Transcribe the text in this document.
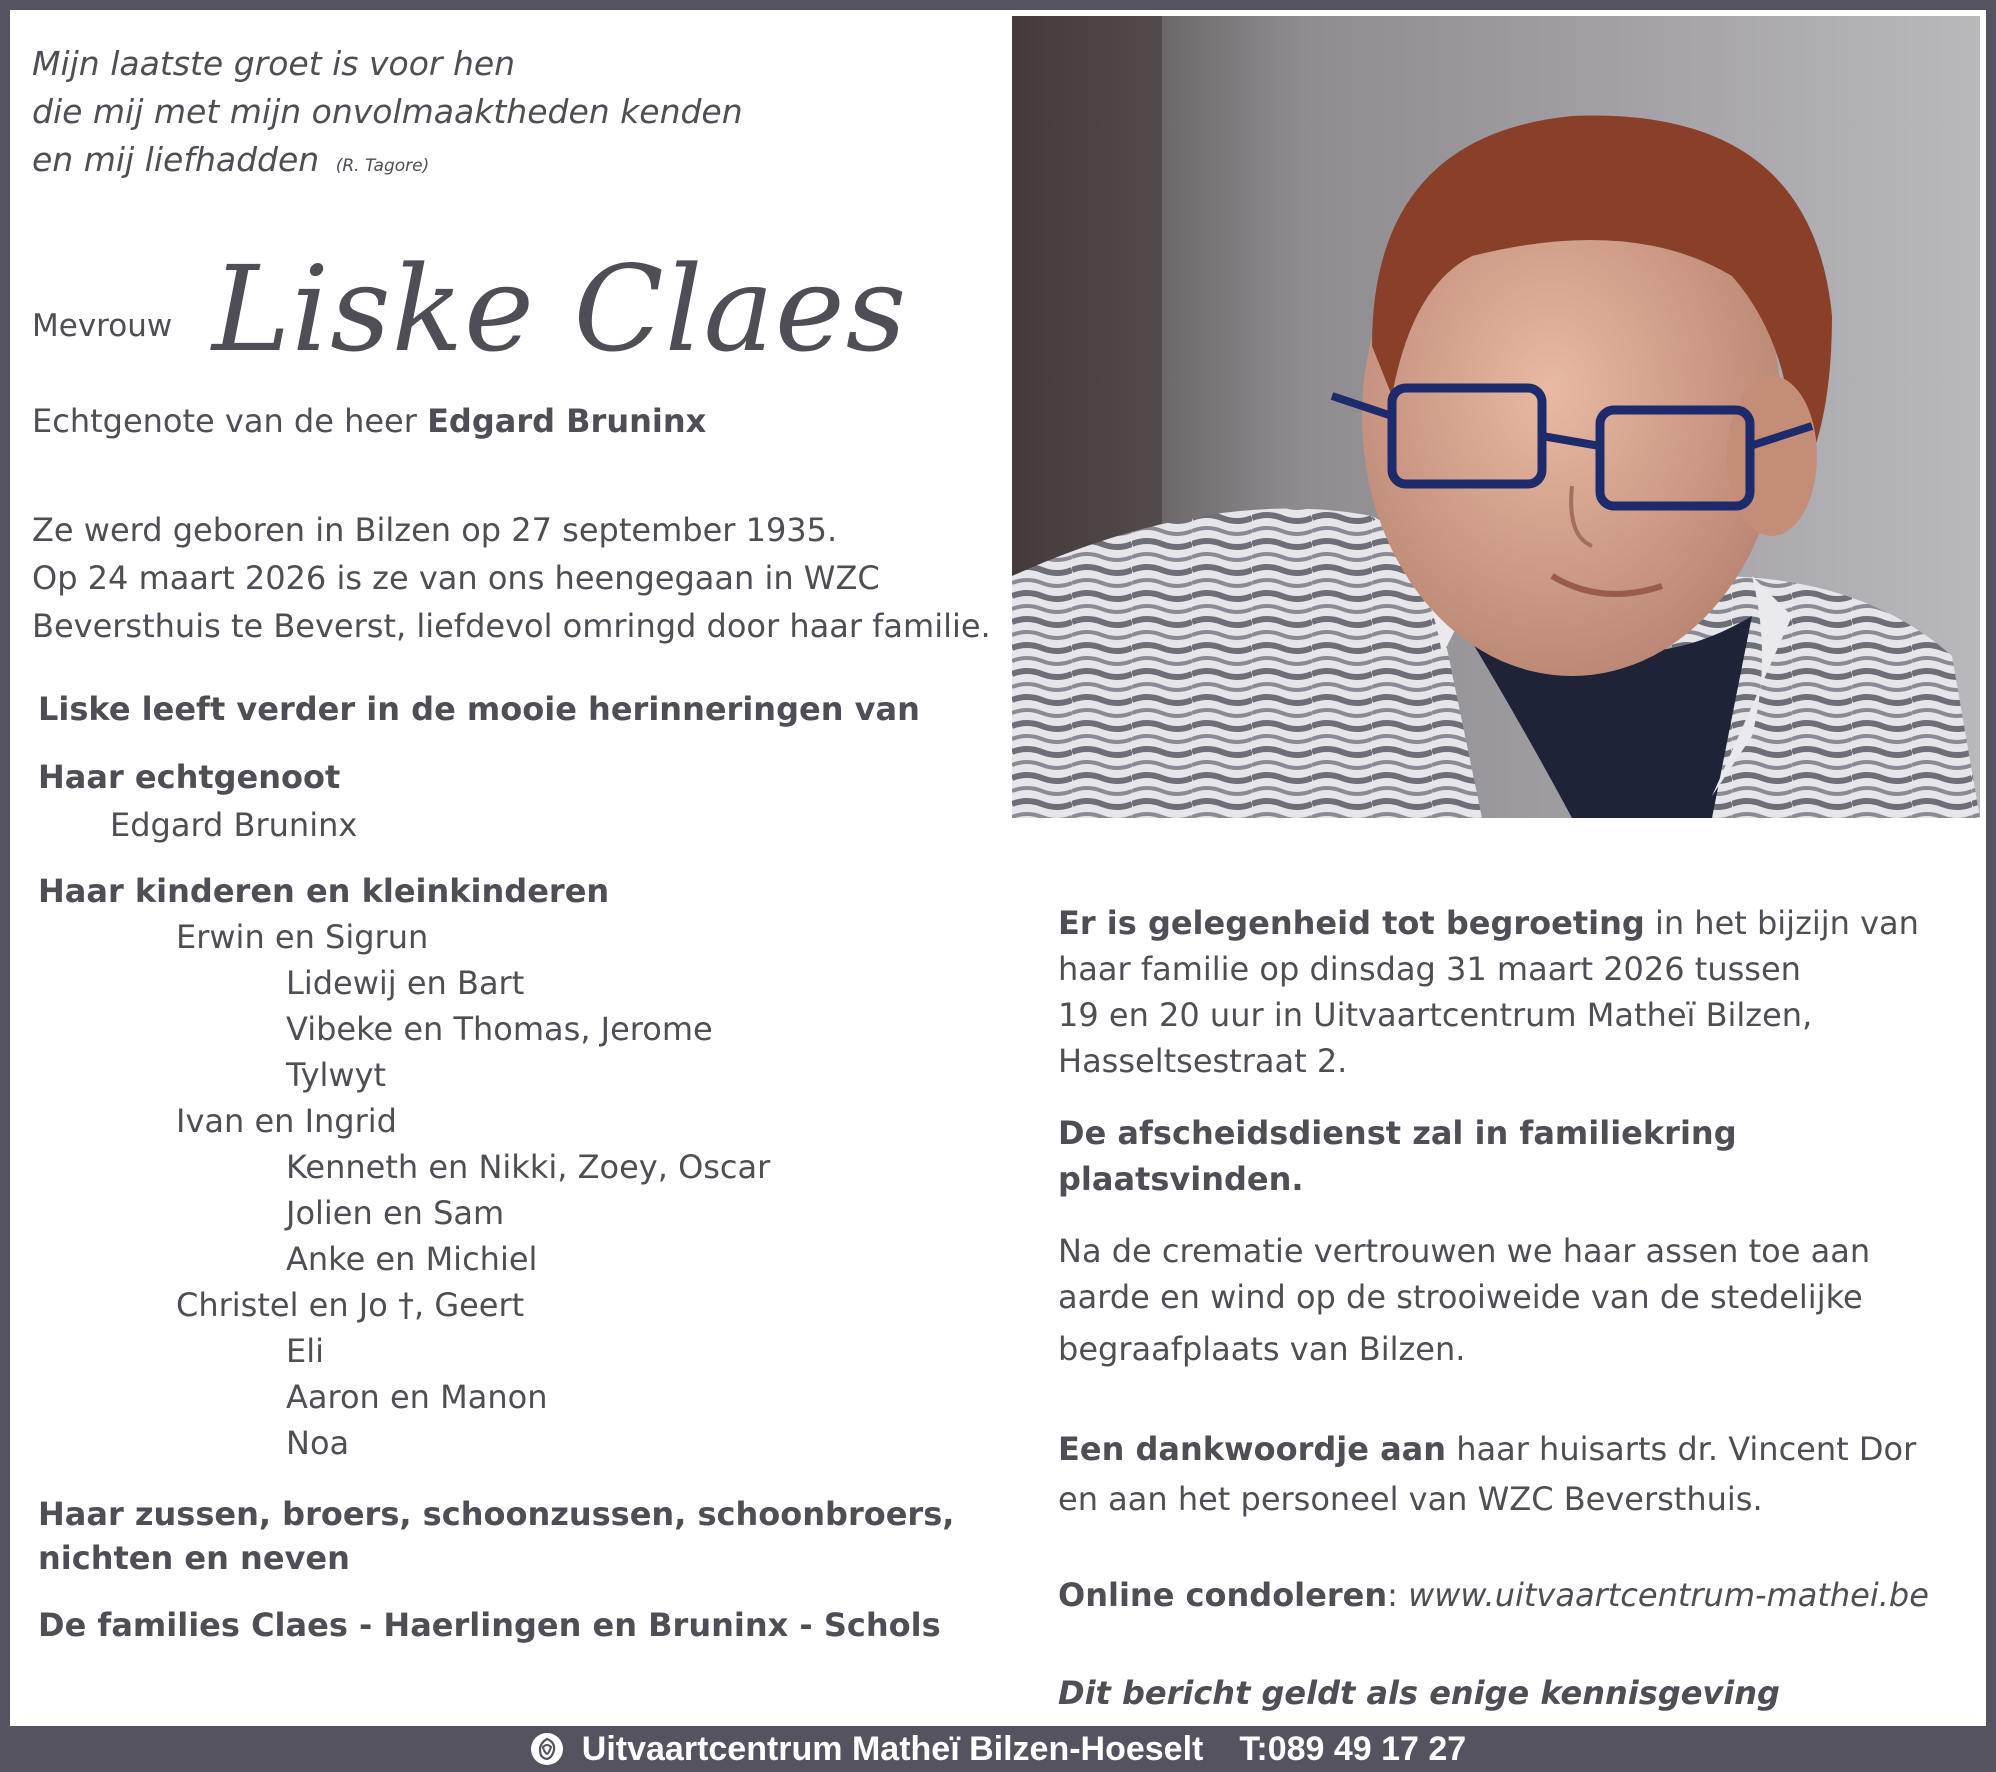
Mijn laatste groet is voor hen

die mij met mijn onvolmaaktheden kenden

en mij liefhadden (R. Tagore)

Mevrouw Liske Claes
Echtgenote van de heer Edgard Bruninx

Ze werd geboren in Bilzen op 27 september 1935.

Op 24 maart 2026 is ze van ons heengegaan in WZC

Beversthuis te Beverst, liefdevol omringd door haar familie.

Liske leeft verder in de mooie herinneringen van

Haar echtgenoot

Edgard Bruninx

Haar kinderen en kleinkinderen

Erwin en Sigrun
Lidewij en Bart
Vibeke en Thomas, Jerome
Tylwyt
Ivan en Ingrid
Kenneth en Nikki, Zoey, Oscar
Jolien en Sam
Anke en Michiel
Christel en Jo †, Geert
Eli
Aaron en Manon
Noa

Haar zussen, broers, schoonzussen, schoonbroers,

nichten en neven

De families Claes - Haerlingen en Bruninx - Schols

Er is gelegenheid tot begroeting in het bijzijn van

haar familie op dinsdag 31 maart 2026 tussen

19 en 20 uur in Uitvaartcentrum Matheï Bilzen,

Hasseltsestraat 2.

De afscheidsdienst zal in familiekring plaatsvinden.

Na de crematie vertrouwen we haar assen toe aan

aarde en wind op de strooiweide van de stedelijke

begraafplaats van Bilzen.

Een dankwoordje aan haar huisarts dr. Vincent Dor

en aan het personeel van WZC Beversthuis.

Online condoleren: www.uitvaartcentrum-mathei.be

Dit bericht geldt als enige kennisgeving

Uitvaartcentrum Matheï Bilzen-Hoeselt T:089 49 17 27
